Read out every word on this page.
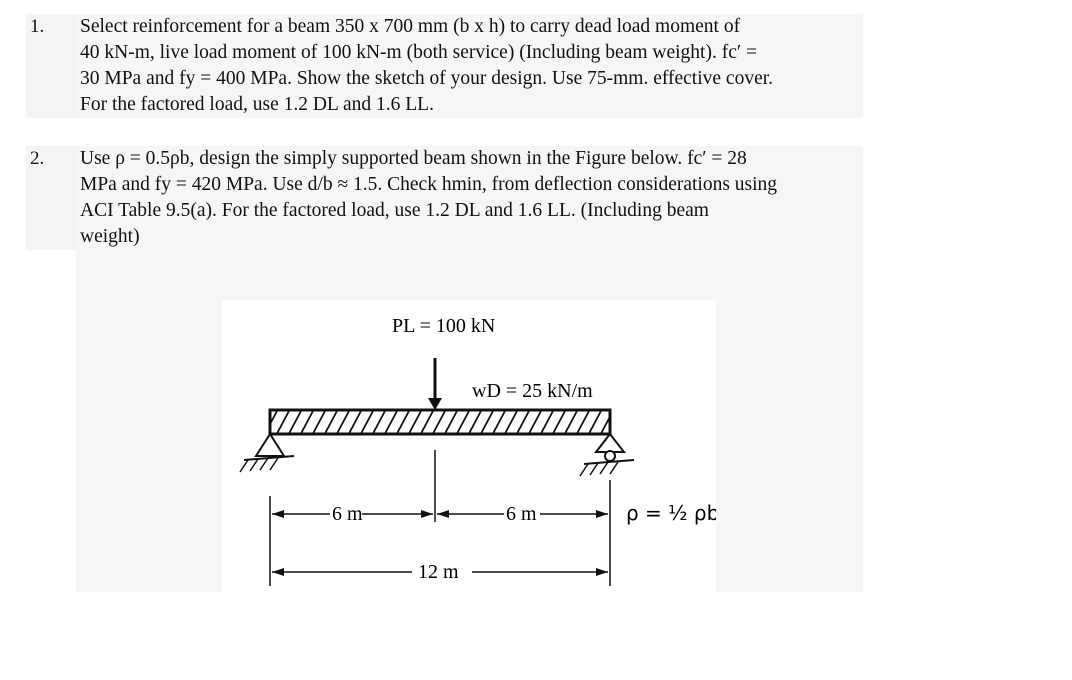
1. Select reinforcement for a beam 350 x 700 mm (b x h) to carry dead load moment of
40 kN-m, live load moment of 100 kN-m (both service) (Including beam weight). fc′ =
30 MPa and fy = 400 MPa. Show the sketch of your design. Use 75-mm. effective cover.
For the factored load, use 1.2 DL and 1.6 LL.
2. Use ρ = 0.5ρb, design the simply supported beam shown in the Figure below. fc′ = 28
MPa and fy = 420 MPa. Use d/b ≈ 1.5. Check hmin, from deflection considerations using
ACI Table 9.5(a). For the factored load, use 1.2 DL and 1.6 LL. (Including beam
weight)
PL = 100 kN
wD = 25 kN/m
6 m	6 m	ρ = ½ ρb
12 m
